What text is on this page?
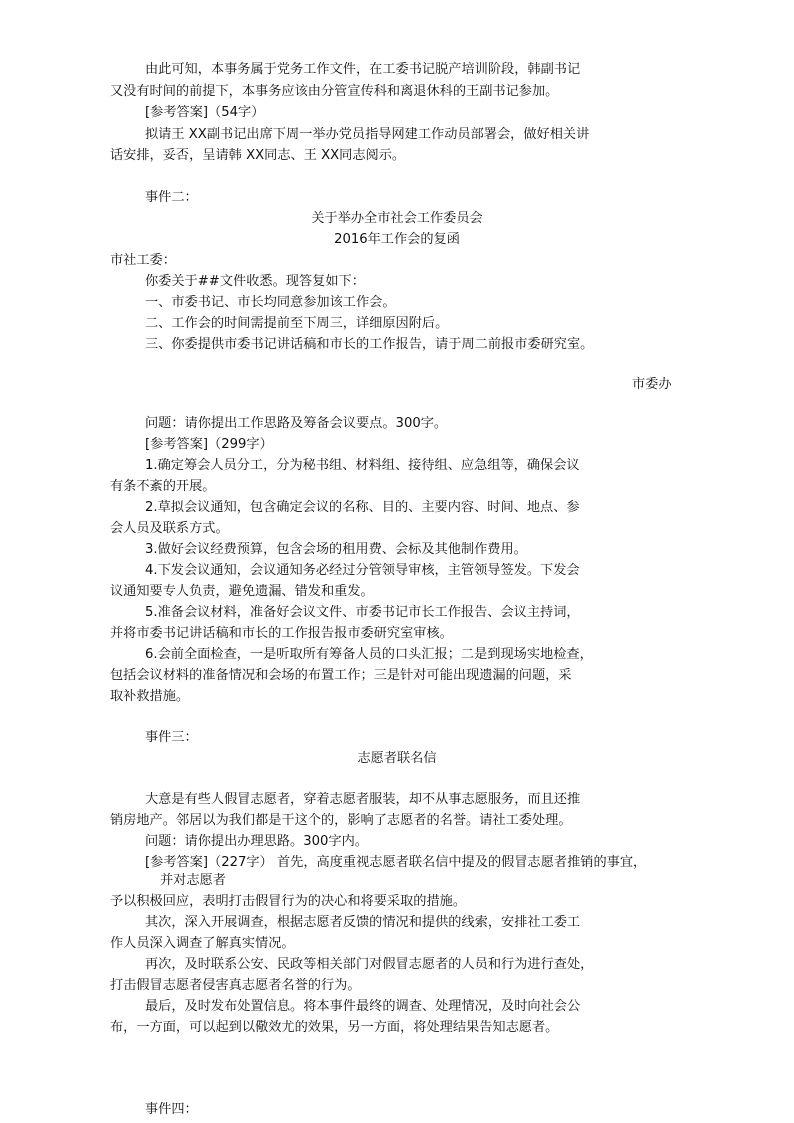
由此可知，本事务属于党务工作文件，在工委书记脱产培训阶段，韩副书记
又没有时间的前提下，本事务应该由分管宣传科和离退休科的王副书记参加。
[参考答案]（54字）
拟请王 XX副书记出席下周一举办党员指导网建工作动员部署会，做好相关讲
话安排，妥否，呈请韩 XX同志、王 XX同志阅示。
事件二：
关于举办全市社会工作委员会
2016年工作会的复函
市社工委：
你委关于##文件收悉。现答复如下：
一、市委书记、市长均同意参加该工作会。
二、工作会的时间需提前至下周三，详细原因附后。
三、你委提供市委书记讲话稿和市长的工作报告，请于周二前报市委研究室。
市委办
问题：请你提出工作思路及筹备会议要点。300字。
[参考答案]（299字）
1.确定筹会人员分工，分为秘书组、材料组、接待组、应急组等，确保会议
有条不紊的开展。
2.草拟会议通知，包含确定会议的名称、目的、主要内容、时间、地点、参
会人员及联系方式。
3.做好会议经费预算，包含会场的租用费、会标及其他制作费用。
4.下发会议通知，会议通知务必经过分管领导审核，主管领导签发。下发会
议通知要专人负责，避免遗漏、错发和重发。
5.准备会议材料，准备好会议文件、市委书记市长工作报告、会议主持词，
并将市委书记讲话稿和市长的工作报告报市委研究室审核。
6.会前全面检查，一是听取所有筹备人员的口头汇报；二是到现场实地检查，
包括会议材料的准备情况和会场的布置工作；三是针对可能出现遗漏的问题，采
取补救措施。
事件三：
志愿者联名信
大意是有些人假冒志愿者，穿着志愿者服装，却不从事志愿服务，而且还推
销房地产。邻居以为我们都是干这个的，影响了志愿者的名誉。请社工委处理。
问题：请你提出办理思路。300字内。
[参考答案]（227字） 首先，高度重视志愿者联名信中提及的假冒志愿者推销的事宜，
并对志愿者
予以积极回应，表明打击假冒行为的决心和将要采取的措施。
其次，深入开展调查，根据志愿者反馈的情况和提供的线索，安排社工委工
作人员深入调查了解真实情况。
再次，及时联系公安、民政等相关部门对假冒志愿者的人员和行为进行查处，
打击假冒志愿者侵害真志愿者名誉的行为。
最后，及时发布处置信息。将本事件最终的调查、处理情况，及时向社会公
布，一方面，可以起到以儆效尤的效果，另一方面，将处理结果告知志愿者。
事件四：
